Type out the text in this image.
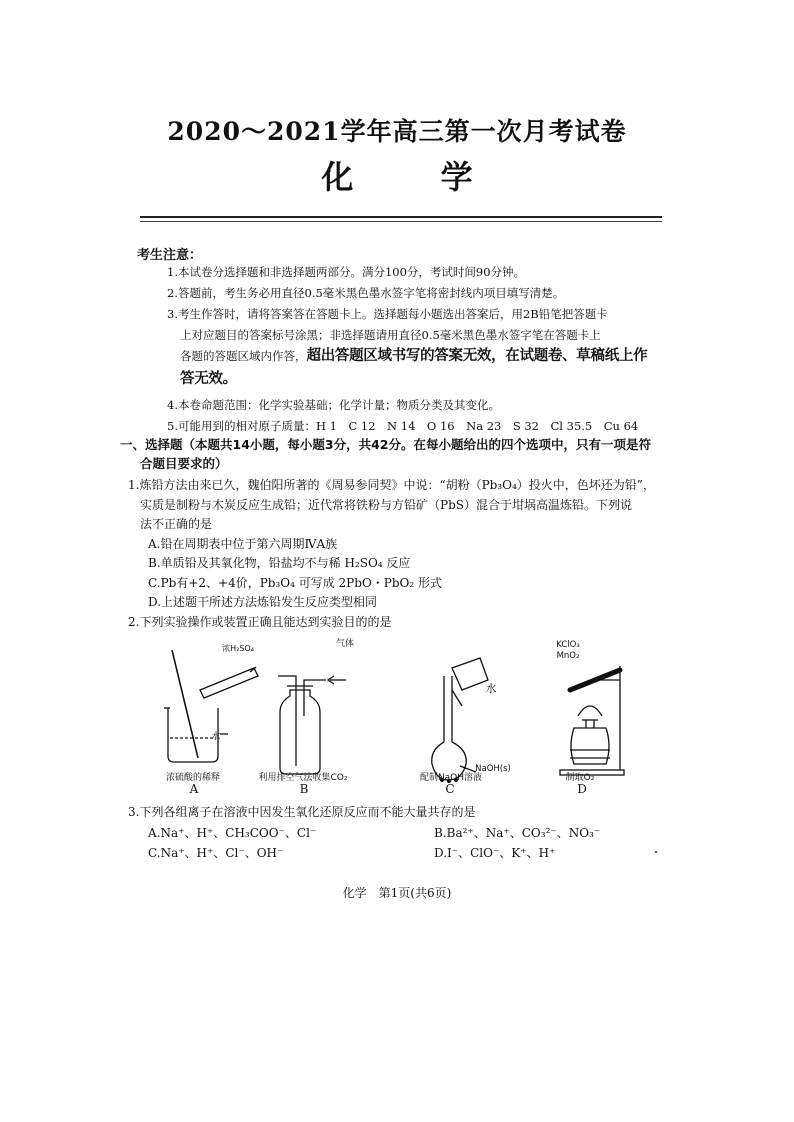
2020～2021学年高三第一次月考试卷
化 学
考生注意：

1.本试卷分选择题和非选择题两部分。满分100分，考试时间90分钟。

2.答题前，考生务必用直径0.5毫米黑色墨水签字笔将密封线内项目填写清楚。

3.考生作答时，请将答案答在答题卡上。选择题每小题选出答案后，用2B铅笔把答题卡

上对应题目的答案标号涂黑；非选择题请用直径0.5毫米黑色墨水签字笔在答题卡上

各题的答题区域内作答，超出答题区域书写的答案无效，在试题卷、草稿纸上作

答无效。

4.本卷命题范围：化学实验基础；化学计量；物质分类及其变化。

5.可能用到的相对原子质量：H 1　C 12　N 14　O 16　Na 23　S 32　Cl 35.5　Cu 64

一、选择题（本题共14小题，每小题3分，共42分。在每小题给出的四个选项中，只有一项是符
合题目要求的）

1.炼铅方法由来已久，魏伯阳所著的《周易参同契》中说：“胡粉（Pb₃O₄）投火中，色坏还为铅”，

实质是制粉与木炭反应生成铅；近代常将铁粉与方铅矿（PbS）混合于坩埚高温炼铅。下列说

法不正确的是

A.铅在周期表中位于第六周期ⅣA族

B.单质铅及其氧化物，铅盐均不与稀 H₂SO₄ 反应

C.Pb有+2、+4价，Pb₃O₄ 可写成 2PbO・PbO₂ 形式

D.上述题干所述方法炼铅发生反应类型相同

2.下列实验操作或装置正确且能达到实验目的的是

浓H₂SO₄
水
浓硫酸的稀释
气体
利用排空气法收集CO₂
水
NaOH(s)
配制NaOH溶液
KClO₃
MnO₂
制取O₂
A	B	C	D

3.下列各组离子在溶液中因发生氧化还原反应而不能大量共存的是

A.Na⁺、H⁺、CH₃COO⁻、Cl⁻	B.Ba²⁺、Na⁺、CO₃²⁻、NO₃⁻
C.Na⁺、H⁺、Cl⁻、OH⁻	D.I⁻、ClO⁻、K⁺、H⁺
化学　第1页(共6页)
